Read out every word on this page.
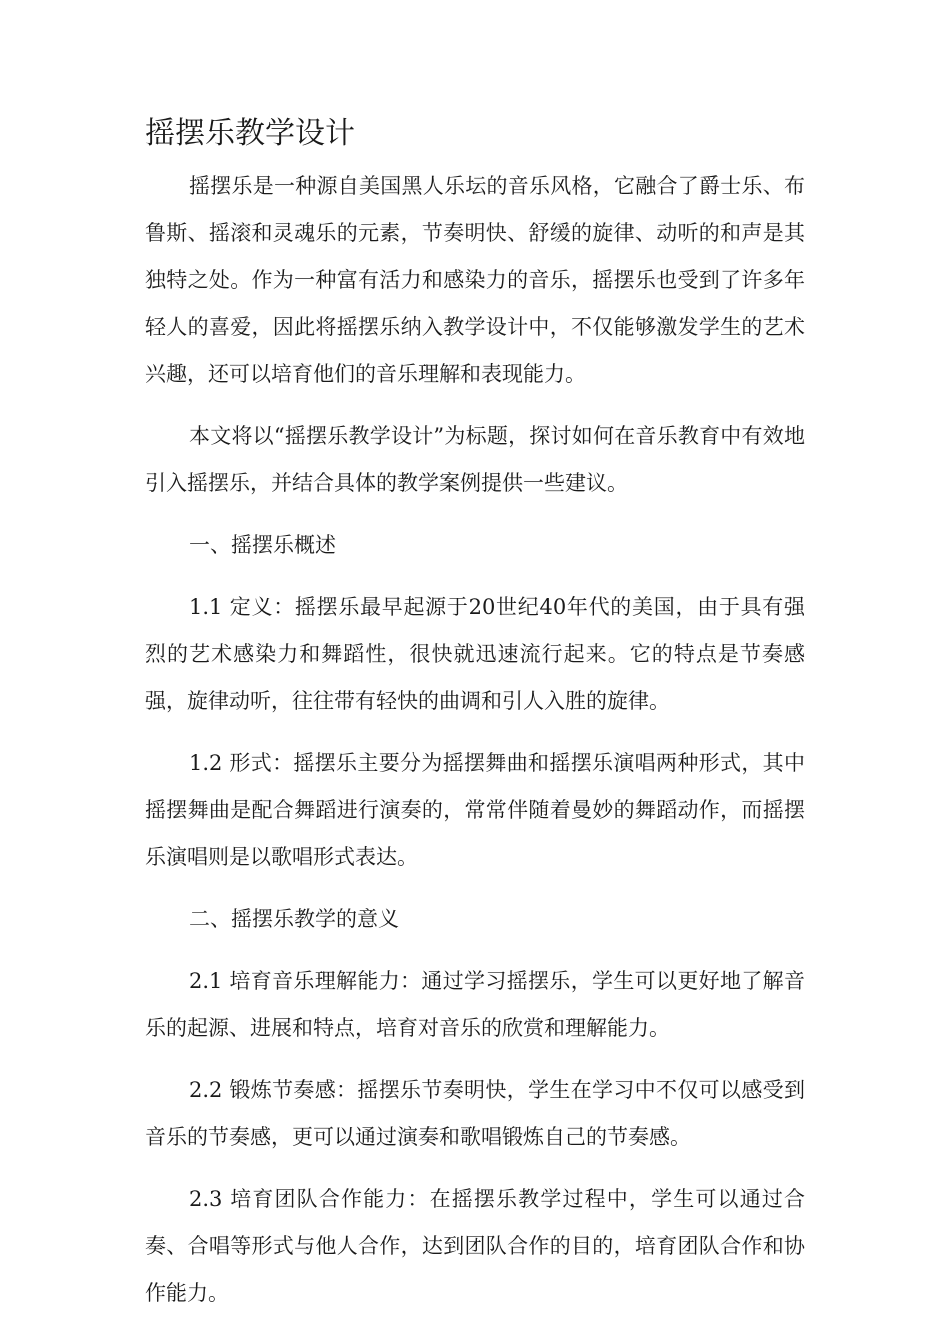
摇摆乐教学设计

摇摆乐是一种源自美国黑人乐坛的音乐风格，它融合了爵士乐、布鲁斯、摇滚和灵魂乐的元素，节奏明快、舒缓的旋律、动听的和声是其独特之处。作为一种富有活力和感染力的音乐，摇摆乐也受到了许多年轻人的喜爱，因此将摇摆乐纳入教学设计中，不仅能够激发学生的艺术兴趣，还可以培育他们的音乐理解和表现能力。

本文将以“摇摆乐教学设计”为标题，探讨如何在音乐教育中有效地引入摇摆乐，并结合具体的教学案例提供一些建议。

一、摇摆乐概述

1.1 定义：摇摆乐最早起源于20世纪40年代的美国，由于具有强烈的艺术感染力和舞蹈性，很快就迅速流行起来。它的特点是节奏感强，旋律动听，往往带有轻快的曲调和引人入胜的旋律。

1.2 形式：摇摆乐主要分为摇摆舞曲和摇摆乐演唱两种形式，其中摇摆舞曲是配合舞蹈进行演奏的，常常伴随着曼妙的舞蹈动作，而摇摆乐演唱则是以歌唱形式表达。

二、摇摆乐教学的意义

2.1 培育音乐理解能力：通过学习摇摆乐，学生可以更好地了解音乐的起源、进展和特点，培育对音乐的欣赏和理解能力。

2.2 锻炼节奏感：摇摆乐节奏明快，学生在学习中不仅可以感受到音乐的节奏感，更可以通过演奏和歌唱锻炼自己的节奏感。

2.3 培育团队合作能力：在摇摆乐教学过程中，学生可以通过合奏、合唱等形式与他人合作，达到团队合作的目的，培育团队合作和协作能力。
